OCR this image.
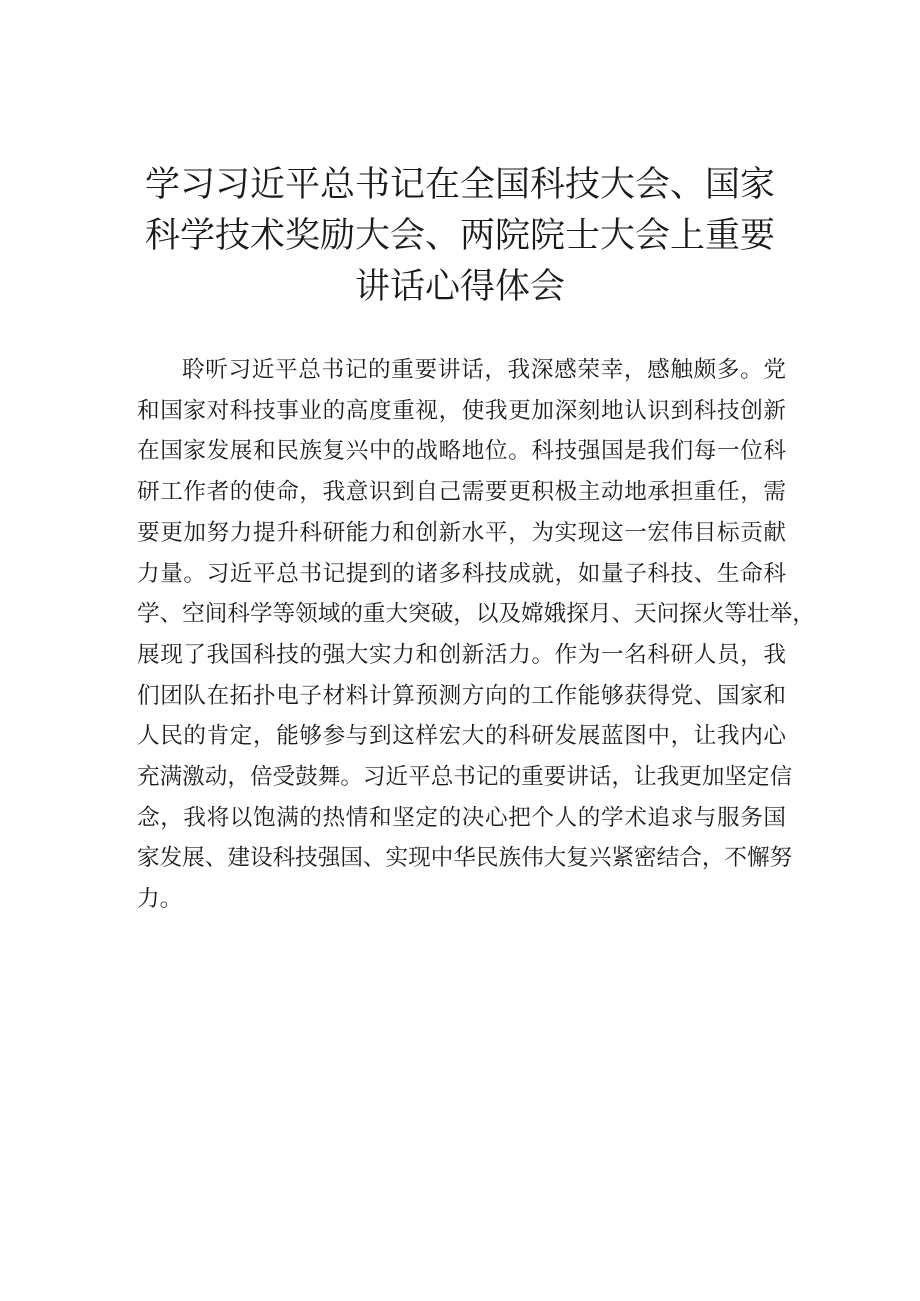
学习习近平总书记在全国科技大会、国家
科学技术奖励大会、两院院士大会上重要
讲话心得体会
聆听习近平总书记的重要讲话，我深感荣幸，感触颇多。党
和国家对科技事业的高度重视，使我更加深刻地认识到科技创新
在国家发展和民族复兴中的战略地位。科技强国是我们每一位科
研工作者的使命，我意识到自己需要更积极主动地承担重任，需
要更加努力提升科研能力和创新水平，为实现这一宏伟目标贡献
力量。习近平总书记提到的诸多科技成就，如量子科技、生命科
学、空间科学等领域的重大突破，以及嫦娥探月、天问探火等壮举，
展现了我国科技的强大实力和创新活力。作为一名科研人员，我
们团队在拓扑电子材料计算预测方向的工作能够获得党、国家和
人民的肯定，能够参与到这样宏大的科研发展蓝图中，让我内心
充满激动，倍受鼓舞。习近平总书记的重要讲话，让我更加坚定信
念，我将以饱满的热情和坚定的决心把个人的学术追求与服务国
家发展、建设科技强国、实现中华民族伟大复兴紧密结合，不懈努
力。
